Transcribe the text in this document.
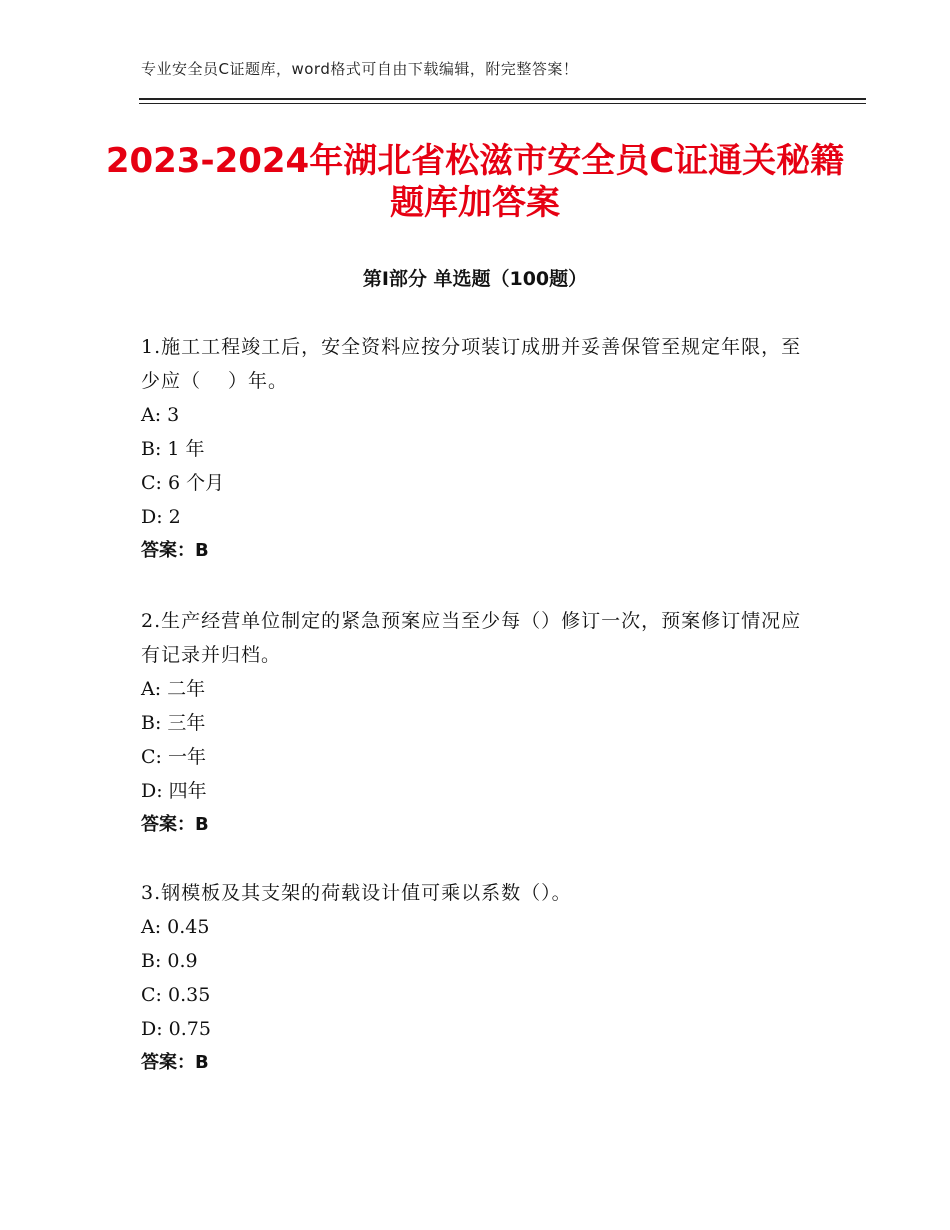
专业安全员C证题库，word格式可自由下载编辑，附完整答案！
2023-2024年湖北省松滋市安全员C证通关秘籍题库加答案
第I部分 单选题（100题）

1.施工工程竣工后，安全资料应按分项装订成册并妥善保管至规定年限，至少应（　 ）年。

A: 3

B: 1 年

C: 6 个月

D: 2

答案：B

2.生产经营单位制定的紧急预案应当至少每（）修订一次，预案修订情况应有记录并归档。

A: 二年

B: 三年

C: 一年

D: 四年

答案：B

3.钢模板及其支架的荷载设计值可乘以系数（）。

A: 0.45

B: 0.9

C: 0.35

D: 0.75

答案：B
